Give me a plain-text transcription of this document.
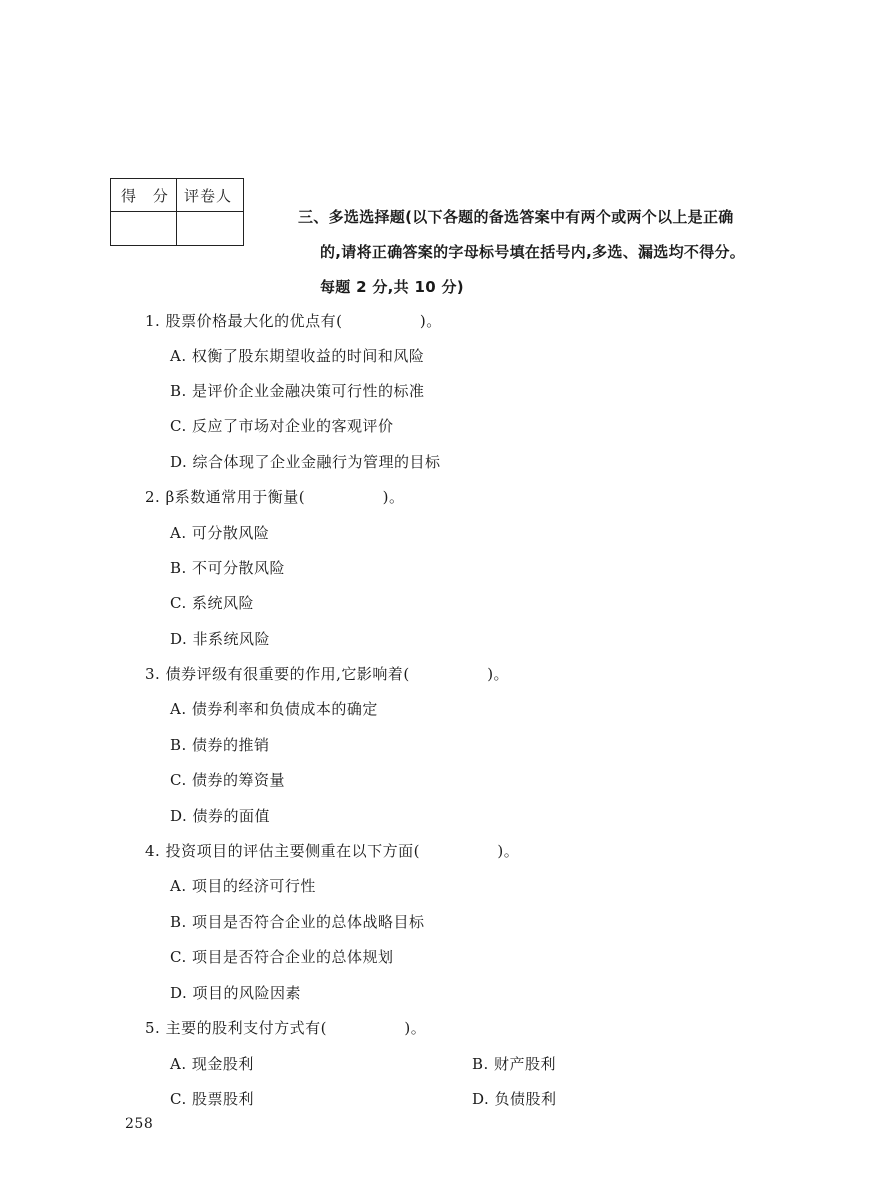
得 分 评卷人
三、多选选择题(以下各题的备选答案中有两个或两个以上是正确
的,请将正确答案的字母标号填在括号内,多选、漏选均不得分。
每题 2 分,共 10 分)
1. 股票价格最大化的优点有(　　　　　)。
A. 权衡了股东期望收益的时间和风险
B. 是评价企业金融决策可行性的标准
C. 反应了市场对企业的客观评价
D. 综合体现了企业金融行为管理的目标
2. β系数通常用于衡量(　　　　　)。
A. 可分散风险
B. 不可分散风险
C. 系统风险
D. 非系统风险
3. 债券评级有很重要的作用,它影响着(　　　　　)。
A. 债券利率和负债成本的确定
B. 债券的推销
C. 债券的筹资量
D. 债券的面值
4. 投资项目的评估主要侧重在以下方面(　　　　　)。
A. 项目的经济可行性
B. 项目是否符合企业的总体战略目标
C. 项目是否符合企业的总体规划
D. 项目的风险因素
5. 主要的股利支付方式有(　　　　　)。
A. 现金股利	B. 财产股利
C. 股票股利	D. 负债股利
258
